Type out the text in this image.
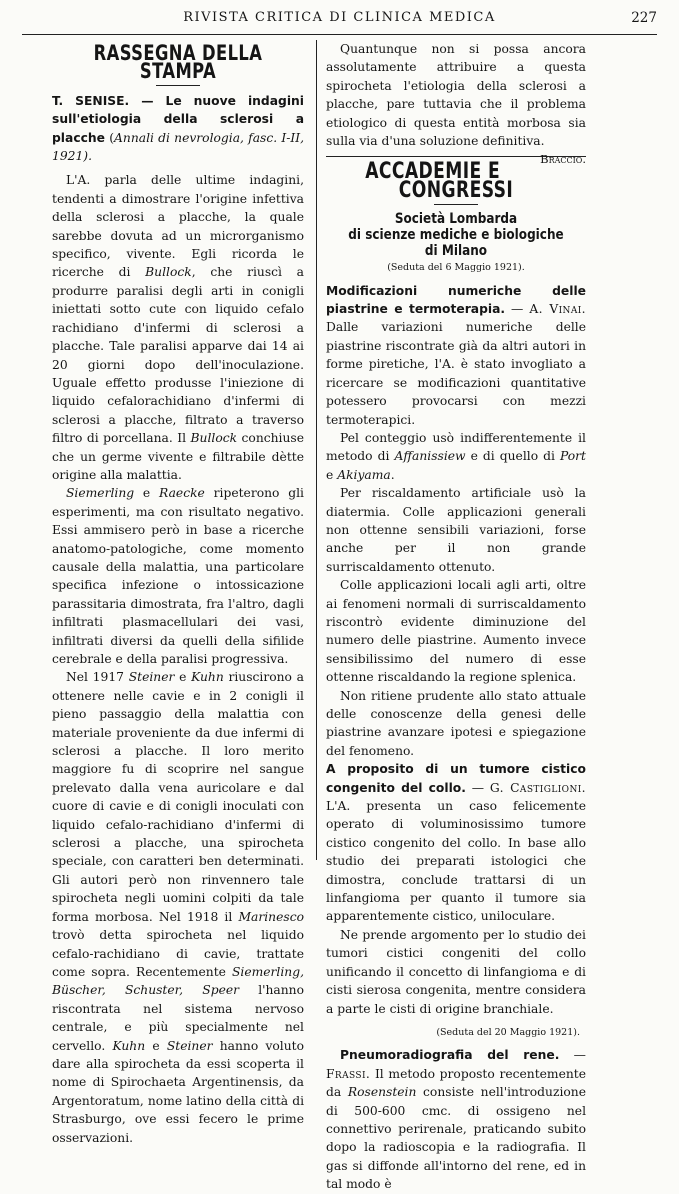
RIVISTA CRITICA DI CLINICA MEDICA	227
RASSEGNA DELLA STAMPA

T. SENISE. — Le nuove indagini sull'etiologia della sclerosi a placche (Annali di nevrologia, fasc. I-II, 1921).

L'A. parla delle ultime indagini, tendenti a dimostrare l'origine infettiva della sclerosi a placche, la quale sarebbe dovuta ad un microrganismo specifico, vivente. Egli ricorda le ricerche di Bullock, che riuscì a produrre paralisi degli arti in conigli iniettati sotto cute con liquido cefalo rachidiano d'infermi di sclerosi a placche. Tale paralisi apparve dai 14 ai 20 giorni dopo dell'inoculazione. Uguale effetto produsse l'iniezione di liquido cefalorachidiano d'infermi di sclerosi a placche, filtrato a traverso filtro di porcellana. Il Bullock conchiuse che un germe vivente e filtrabile dètte origine alla malattia.

Siemerling e Raecke ripeterono gli esperimenti, ma con risultato negativo. Essi ammisero però in base a ricerche anatomo-patologiche, come momento causale della malattia, una particolare specifica infezione o intossicazione parassitaria dimostrata, fra l'altro, dagli infiltrati plasmacellulari dei vasi, infiltrati diversi da quelli della sifilide cerebrale e della paralisi progressiva.

Nel 1917 Steiner e Kuhn riuscirono a ottenere nelle cavie e in 2 conigli il pieno passaggio della malattia con materiale proveniente da due infermi di sclerosi a placche. Il loro merito maggiore fu di scoprire nel sangue prelevato dalla vena auricolare e dal cuore di cavie e di conigli inoculati con liquido cefalo-rachidiano d'infermi di sclerosi a placche, una spirocheta speciale, con caratteri ben determinati. Gli autori però non rinvennero tale spirocheta negli uomini colpiti da tale forma morbosa. Nel 1918 il Marinesco trovò detta spirocheta nel liquido cefalo-rachidiano di cavie, trattate come sopra. Recentemente Siemerling, Büscher, Schuster, Speer l'hanno riscontrata nel sistema nervoso centrale, e più specialmente nel cervello. Kuhn e Steiner hanno voluto dare alla spirocheta da essi scoperta il nome di Spirochaeta Argentinensis, da Argentoratum, nome latino della città di Strasburgo, ove essi fecero le prime osservazioni.

Quantunque non si possa ancora assolutamente attribuire a questa spirocheta l'etiologia della sclerosi a placche, pare tuttavia che il problema etiologico di questa entità morbosa sia sulla via d'una soluzione definitiva.
Braccio.

ACCADEMIE E CONGRESSI

Società Lombarda

di scienze mediche e biologiche di Milano

(Seduta del 6 Maggio 1921).

Modificazioni numeriche delle piastrine e termoterapia. — A. Vinai. Dalle variazioni numeriche delle piastrine riscontrate già da altri autori in forme piretiche, l'A. è stato invogliato a ricercare se modificazioni quantitative potessero provocarsi con mezzi termoterapici.

Pel conteggio usò indifferentemente il metodo di Affanissiew e di quello di Port e Akiyama.

Per riscaldamento artificiale usò la diatermia. Colle applicazioni generali non ottenne sensibili variazioni, forse anche per il non grande surriscaldamento ottenuto.

Colle applicazioni locali agli arti, oltre ai fenomeni normali di surriscaldamento riscontrò evidente diminuzione del numero delle piastrine. Aumento invece sensibilissimo del numero di esse ottenne riscaldando la regione splenica.

Non ritiene prudente allo stato attuale delle conoscenze della genesi delle piastrine avanzare ipotesi e spiegazione del fenomeno.

A proposito di un tumore cistico congenito del collo. — G. Castiglioni. L'A. presenta un caso felicemente operato di voluminosissimo tumore cistico congenito del collo. In base allo studio dei preparati istologici che dimostra, conclude trattarsi di un linfangioma per quanto il tumore sia apparentemente cistico, uniloculare.

Ne prende argomento per lo studio dei tumori cistici congeniti del collo unificando il concetto di linfangioma e di cisti sierosa congenita, mentre considera a parte le cisti di origine branchiale.

(Seduta del 20 Maggio 1921).

Pneumoradiografia del rene. — Frassi. Il metodo proposto recentemente da Rosenstein consiste nell'introduzione di 500-600 cmc. di ossigeno nel connettivo perirenale, praticando subito dopo la radioscopia e la radiografia. Il gas si diffonde all'intorno del rene, ed in tal modo è
